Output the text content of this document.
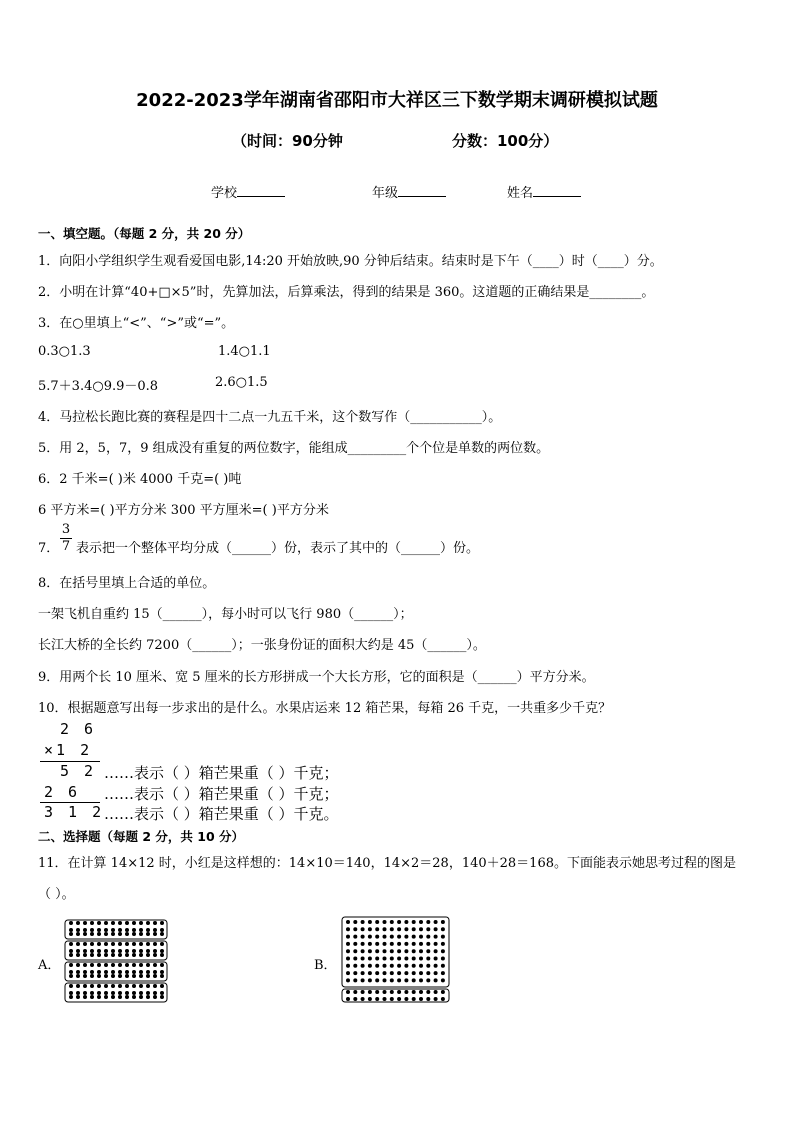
2022-2023学年湖南省邵阳市大祥区三下数学期末调研模拟试题
（时间：90分钟	分数：100分）
学校	年级	姓名
一、填空题。（每题 2 分，共 20 分）
1．向阳小学组织学生观看爱国电影,14:20 开始放映,90 分钟后结束。结束时是下午（____）时（____）分。
2．小明在计算“40+□×5”时，先算加法，后算乘法，得到的结果是 360。这道题的正确结果是________。
3．在○里填上“<”、“>”或“=”。
0.3○1.3	1.4○1.1
5.7＋3.4○9.9－0.8	2.6○1.5
4．马拉松长跑比赛的赛程是四十二点一九五千米，这个数写作（___________）。
5．用 2，5，7，9 组成没有重复的两位数字，能组成_________个个位是单数的两位数。
6．2 千米=( )米 4000 千克=( )吨
6 平方米=( )平方分米 300 平方厘米=( )平方分米
7． $\frac{3}{7}$ 表示把一个整体平均分成（______）份，表示了其中的（______）份。
8．在括号里填上合适的单位。
一架飞机自重约 15（______），每小时可以飞行 980（______）；
长江大桥的全长约 7200（______）；一张身份证的面积大约是 45（______）。
9．用两个长 10 厘米、宽 5 厘米的长方形拼成一个大长方形，它的面积是（______）平方分米。
10．根据题意写出每一步求出的是什么。水果店运来 12 箱芒果，每箱 26 千克，一共重多少千克？
2 6
×1 2
5 2
2 6
3 1 2
……表示（ ）箱芒果重（ ）千克；
……表示（ ）箱芒果重（ ）千克；
……表示（ ）箱芒果重（ ）千克。
二、选择题（每题 2 分，共 10 分）
11．在计算 14×12 时，小红是这样想的：14×10＝140，14×2＝28，140＋28＝168。下面能表示她思考过程的图是
（ ）。
A．	B．
